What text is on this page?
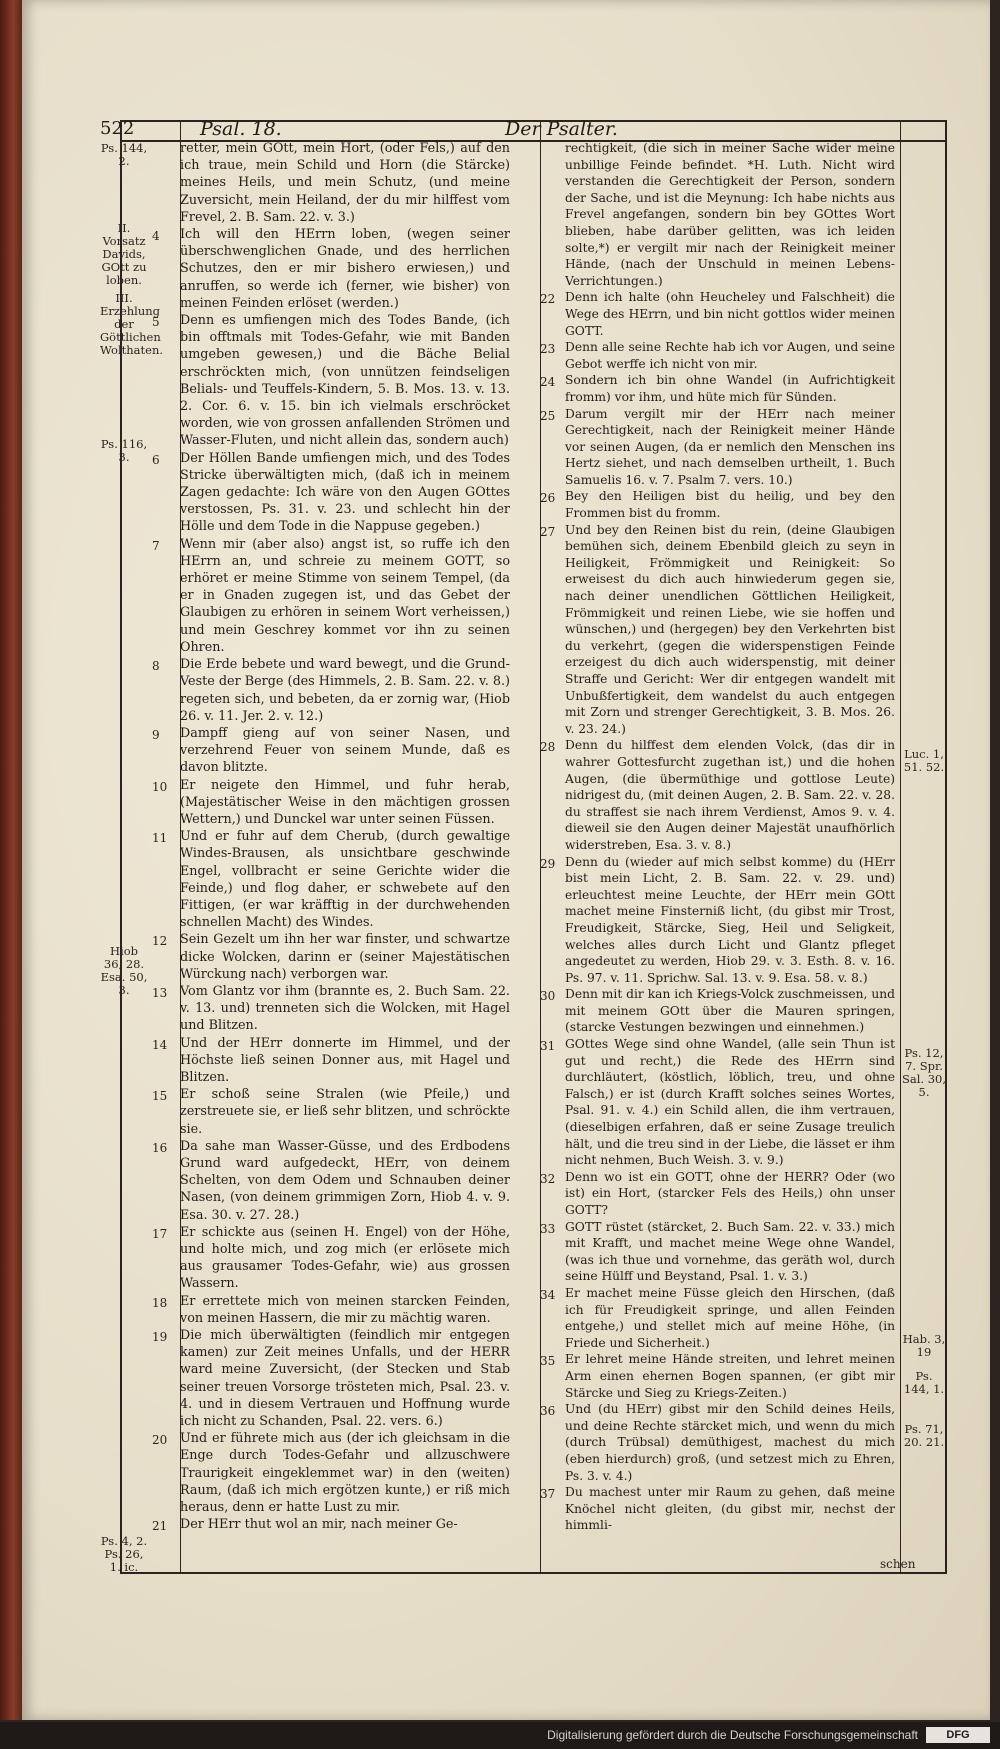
522	Psal. 18.	Der Psalter.
4
5
6
7
8
9
10
11
12
13
14
15
16
17
18
19
20
21
22
23
24
25
26
27
28
29
30
31
32
33
34
35
36
37

retter, mein GOtt, mein Hort, (oder Fels,) auf den ich traue, mein Schild und Horn (die Stärcke) meines Heils, und mein Schutz, (und meine Zuversicht, mein Heiland, der du mir hilffest vom Frevel, 2. B. Sam. 22. v. 3.)

Ich will den HErrn loben, (wegen seiner überschwenglichen Gnade, und des herrlichen Schutzes, den er mir bishero erwiesen,) und anruffen, so werde ich (ferner, wie bisher) von meinen Feinden erlöset (werden.)

Denn es umfiengen mich des Todes Bande, (ich bin offtmals mit Todes-Gefahr, wie mit Banden umgeben gewesen,) und die Bäche Belial erschröckten mich, (von unnützen feindseligen Belials- und Teuffels-Kindern, 5. B. Mos. 13. v. 13. 2. Cor. 6. v. 15. bin ich vielmals erschröcket worden, wie von grossen anfallenden Strömen und Wasser-Fluten, und nicht allein das, sondern auch)

Der Höllen Bande umfiengen mich, und des Todes Stricke überwältigten mich, (daß ich in meinem Zagen gedachte: Ich wäre von den Augen GOttes verstossen, Ps. 31. v. 23. und schlecht hin der Hölle und dem Tode in die Nappuse gegeben.)

Wenn mir (aber also) angst ist, so ruffe ich den HErrn an, und schreie zu meinem GOTT, so erhöret er meine Stimme von seinem Tempel, (da er in Gnaden zugegen ist, und das Gebet der Glaubigen zu erhören in seinem Wort verheissen,) und mein Geschrey kommet vor ihn zu seinen Ohren.

Die Erde bebete und ward bewegt, und die Grund-Veste der Berge (des Himmels, 2. B. Sam. 22. v. 8.) regeten sich, und bebeten, da er zornig war, (Hiob 26. v. 11. Jer. 2. v. 12.)

Dampff gieng auf von seiner Nasen, und verzehrend Feuer von seinem Munde, daß es davon blitzte.

Er neigete den Himmel, und fuhr herab, (Majestätischer Weise in den mächtigen grossen Wettern,) und Dunckel war unter seinen Füssen.

Und er fuhr auf dem Cherub, (durch gewaltige Windes-Brausen, als unsichtbare geschwinde Engel, vollbracht er seine Gerichte wider die Feinde,) und flog daher, er schwebete auf den Fittigen, (er war kräfftig in der durchwehenden schnellen Macht) des Windes.

Sein Gezelt um ihn her war finster, und schwartze dicke Wolcken, darinn er (seiner Majestätischen Würckung nach) verborgen war.

Vom Glantz vor ihm (brannte es, 2. Buch Sam. 22. v. 13. und) trenneten sich die Wolcken, mit Hagel und Blitzen.

Und der HErr donnerte im Himmel, und der Höchste ließ seinen Donner aus, mit Hagel und Blitzen.

Er schoß seine Stralen (wie Pfeile,) und zerstreuete sie, er ließ sehr blitzen, und schröckte sie.

Da sahe man Wasser-Güsse, und des Erdbodens Grund ward aufgedeckt, HErr, von deinem Schelten, von dem Odem und Schnauben deiner Nasen, (von deinem grimmigen Zorn, Hiob 4. v. 9. Esa. 30. v. 27. 28.)

Er schickte aus (seinen H. Engel) von der Höhe, und holte mich, und zog mich (er erlösete mich aus grausamer Todes-Gefahr, wie) aus grossen Wassern.

Er errettete mich von meinen starcken Feinden, von meinen Hassern, die mir zu mächtig waren.

Die mich überwältigten (feindlich mir entgegen kamen) zur Zeit meines Unfalls, und der HERR ward meine Zuversicht, (der Stecken und Stab seiner treuen Vorsorge trösteten mich, Psal. 23. v. 4. und in diesem Vertrauen und Hoffnung wurde ich nicht zu Schanden, Psal. 22. vers. 6.)

Und er führete mich aus (der ich gleichsam in die Enge durch Todes-Gefahr und allzuschwere Traurigkeit eingeklemmet war) in den (weiten) Raum, (daß ich mich ergötzen kunte,) er riß mich heraus, denn er hatte Lust zu mir.

Der HErr thut wol an mir, nach meiner Ge-

rechtigkeit, (die sich in meiner Sache wider meine unbillige Feinde befindet. *H. Luth. Nicht wird verstanden die Gerechtigkeit der Person, sondern der Sache, und ist die Meynung: Ich habe nichts aus Frevel angefangen, sondern bin bey GOttes Wort blieben, habe darüber gelitten, was ich leiden solte,*) er vergilt mir nach der Reinigkeit meiner Hände, (nach der Unschuld in meinen Lebens-Verrichtungen.)

Denn ich halte (ohn Heucheley und Falschheit) die Wege des HErrn, und bin nicht gottlos wider meinen GOTT.

Denn alle seine Rechte hab ich vor Augen, und seine Gebot werffe ich nicht von mir.

Sondern ich bin ohne Wandel (in Aufrichtigkeit fromm) vor ihm, und hüte mich für Sünden.

Darum vergilt mir der HErr nach meiner Gerechtigkeit, nach der Reinigkeit meiner Hände vor seinen Augen, (da er nemlich den Menschen ins Hertz siehet, und nach demselben urtheilt, 1. Buch Samuelis 16. v. 7. Psalm 7. vers. 10.)

Bey den Heiligen bist du heilig, und bey den Frommen bist du fromm.

Und bey den Reinen bist du rein, (deine Glaubigen bemühen sich, deinem Ebenbild gleich zu seyn in Heiligkeit, Frömmigkeit und Reinigkeit: So erweisest du dich auch hinwiederum gegen sie, nach deiner unendlichen Göttlichen Heiligkeit, Frömmigkeit und reinen Liebe, wie sie hoffen und wünschen,) und (hergegen) bey den Verkehrten bist du verkehrt, (gegen die widerspenstigen Feinde erzeigest du dich auch widerspenstig, mit deiner Straffe und Gericht: Wer dir entgegen wandelt mit Unbußfertigkeit, dem wandelst du auch entgegen mit Zorn und strenger Gerechtigkeit, 3. B. Mos. 26. v. 23. 24.)

Denn du hilffest dem elenden Volck, (das dir in wahrer Gottesfurcht zugethan ist,) und die hohen Augen, (die übermüthige und gottlose Leute) nidrigest du, (mit deinen Augen, 2. B. Sam. 22. v. 28. du straffest sie nach ihrem Verdienst, Amos 9. v. 4. dieweil sie den Augen deiner Majestät unaufhörlich widerstreben, Esa. 3. v. 8.)

Denn du (wieder auf mich selbst komme) du (HErr bist mein Licht, 2. B. Sam. 22. v. 29. und) erleuchtest meine Leuchte, der HErr mein GOtt machet meine Finsterniß licht, (du gibst mir Trost, Freudigkeit, Stärcke, Sieg, Heil und Seligkeit, welches alles durch Licht und Glantz pfleget angedeutet zu werden, Hiob 29. v. 3. Esth. 8. v. 16. Ps. 97. v. 11. Sprichw. Sal. 13. v. 9. Esa. 58. v. 8.)

Denn mit dir kan ich Kriegs-Volck zuschmeissen, und mit meinem GOtt über die Mauren springen, (starcke Vestungen bezwingen und einnehmen.)

GOttes Wege sind ohne Wandel, (alle sein Thun ist gut und recht,) die Rede des HErrn sind durchläutert, (köstlich, löblich, treu, und ohne Falsch,) er ist (durch Krafft solches seines Wortes, Psal. 91. v. 4.) ein Schild allen, die ihm vertrauen, (dieselbigen erfahren, daß er seine Zusage treulich hält, und die treu sind in der Liebe, die lässet er ihm nicht nehmen, Buch Weish. 3. v. 9.)

Denn wo ist ein GOTT, ohne der HERR? Oder (wo ist) ein Hort, (starcker Fels des Heils,) ohn unser GOTT?

GOTT rüstet (stärcket, 2. Buch Sam. 22. v. 33.) mich mit Krafft, und machet meine Wege ohne Wandel, (was ich thue und vornehme, das geräth wol, durch seine Hülff und Beystand, Psal. 1. v. 3.)

Er machet meine Füsse gleich den Hirschen, (daß ich für Freudigkeit springe, und allen Feinden entgehe,) und stellet mich auf meine Höhe, (in Friede und Sicherheit.)

Er lehret meine Hände streiten, und lehret meinen Arm einen ehernen Bogen spannen, (er gibt mir Stärcke und Sieg zu Kriegs-Zeiten.)

Und (du HErr) gibst mir den Schild deines Heils, und deine Rechte stärcket mich, und wenn du mich (durch Trübsal) demüthigest, machest du mich (eben hierdurch) groß, (und setzest mich zu Ehren, Ps. 3. v. 4.)

Du machest unter mir Raum zu gehen, daß meine Knöchel nicht gleiten, (du gibst mir, nechst der himmli-

Ps. 144, 2.
II. Vorsatz Davids, GOtt zu loben.
III. Erzehlung der Göttlichen Wolthaten.
Ps. 116, 3.
Hiob 36, 28. Esa. 50, 3.
Ps. 4, 2. Ps. 26, 1. ic.
Luc. 1, 51. 52.
Ps. 12, 7. Spr. Sal. 30, 5.
Hab. 3, 19
Ps. 144, 1.
Ps. 71, 20. 21.
schen
Digitalisierung gefördert durch die Deutsche Forschungsgemeinschaft	DFG
